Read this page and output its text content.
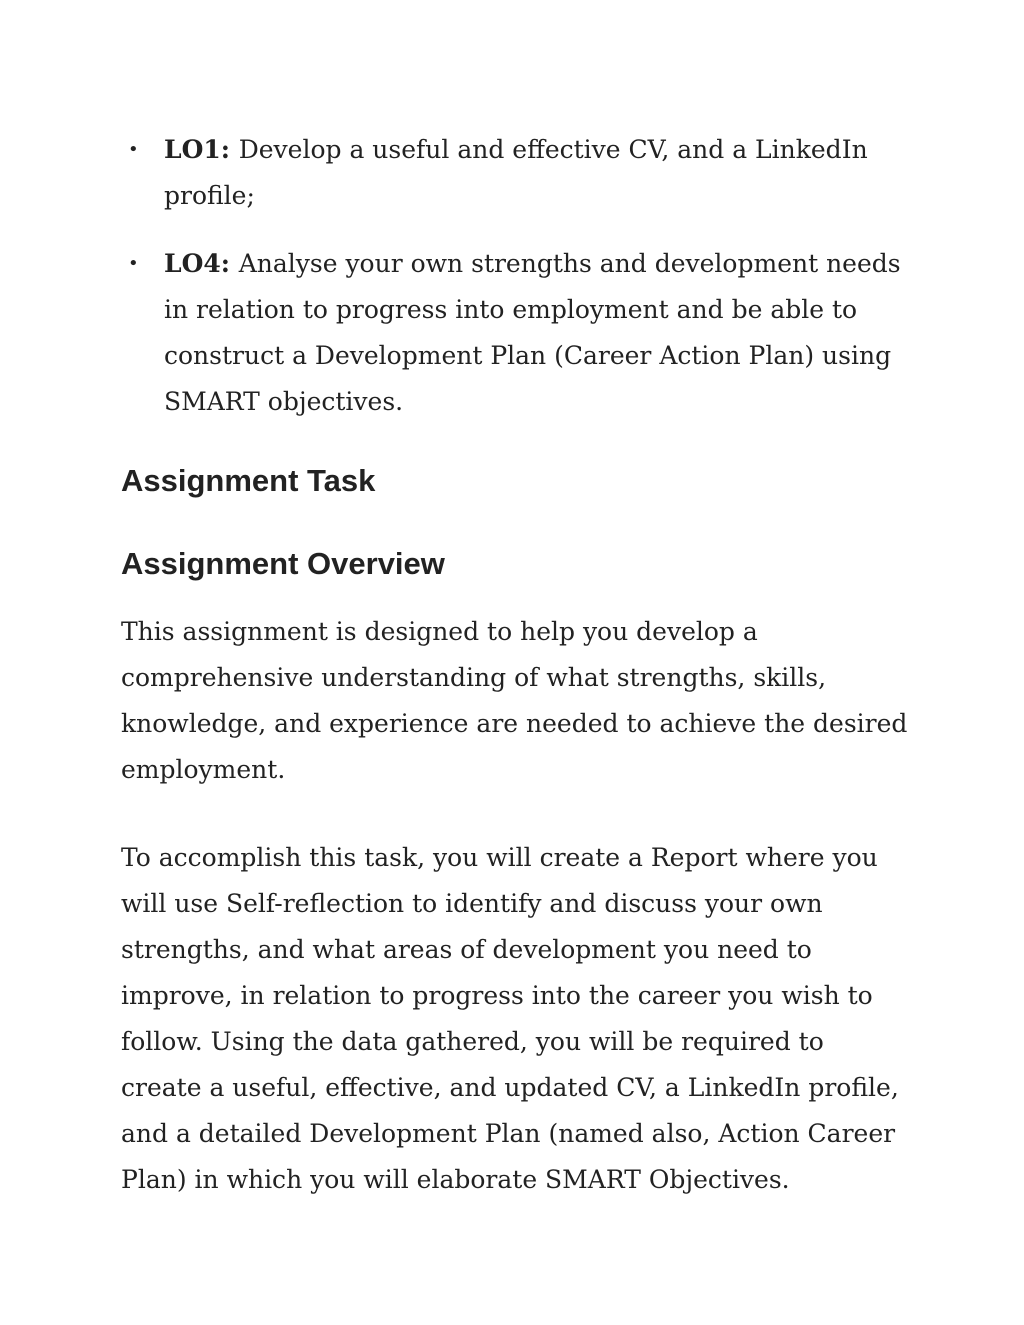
• LO1: Develop a useful and effective CV, and a LinkedIn profile;
• LO4: Analyse your own strengths and development needs in relation to progress into employment and be able to construct a Development Plan (Career Action Plan) using SMART objectives.
Assignment Task
Assignment Overview

This assignment is designed to help you develop a comprehensive understanding of what strengths, skills, knowledge, and experience are needed to achieve the desired employment.

To accomplish this task, you will create a Report where you will use Self-reflection to identify and discuss your own strengths, and what areas of development you need to improve, in relation to progress into the career you wish to follow. Using the data gathered, you will be required to create a useful, effective, and updated CV, a LinkedIn profile, and a detailed Development Plan (named also, Action Career Plan) in which you will elaborate SMART Objectives.
